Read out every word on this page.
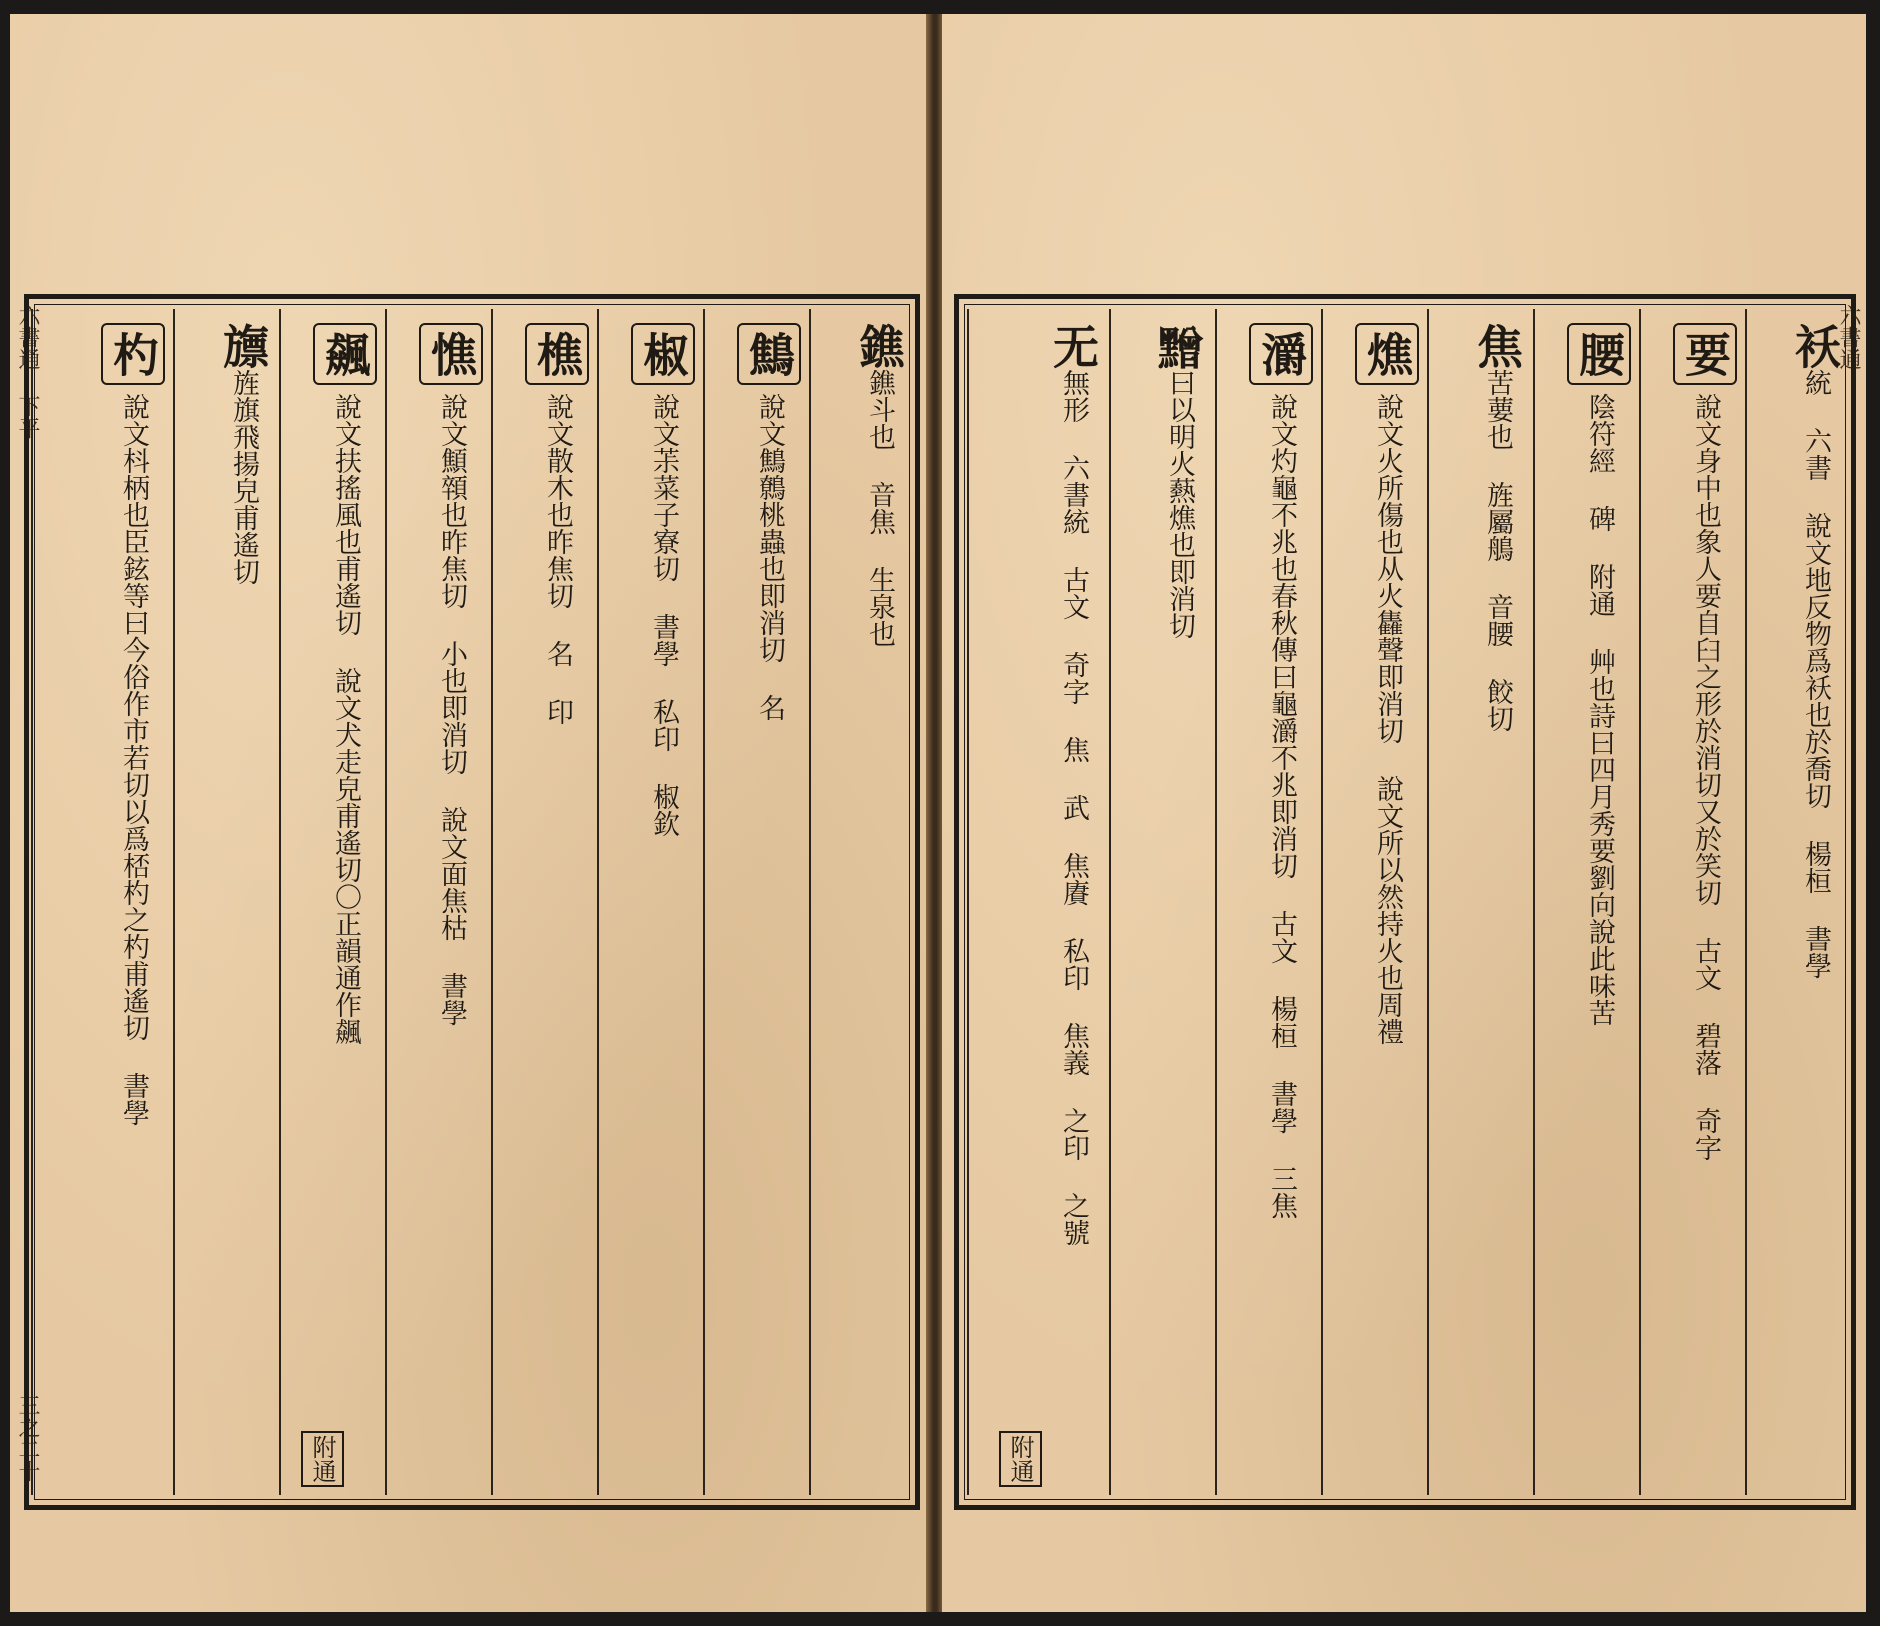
六書通 下平
三之二十
鐎鐎斗也 音焦 生泉也
鷦說文鷦鷯桃蟲也即消切 名
椒說文茮菜子寮切 書學 私印 椒欽
樵說文散木也昨焦切 名 印
憔說文顦顇也昨焦切 小也即消切 說文面焦枯 書學
飆說文扶搖風也甫遙切 說文犬走皃甫遙切〇正韻通作飆
附通
旚旌旗飛揚皃甫遙切
杓說文枓柄也臣鉉等曰今俗作市若切以爲桮杓之杓甫遙切 書學
六書通
袄統 六書 說文地反物爲袄也於喬切 楊桓 書學
要說文身中也象人要自臼之形於消切又於笑切 古文 碧落 奇字
腰陰符經 碑 附通 艸也詩曰四月秀要劉向說此味苦
焦苦葽也 旌屬鵃 音腰 餃切
燋說文火所傷也从火雥聲即消切 說文所以然持火也周禮
灂說文灼龜不兆也春秋傳曰龜灂不兆即消切 古文 楊桓 書學 三焦
𪒟曰以明火爇燋也即消切
无無形 六書統 古文 奇字 焦 武 焦賡 私印 焦義 之印 之號
附通
